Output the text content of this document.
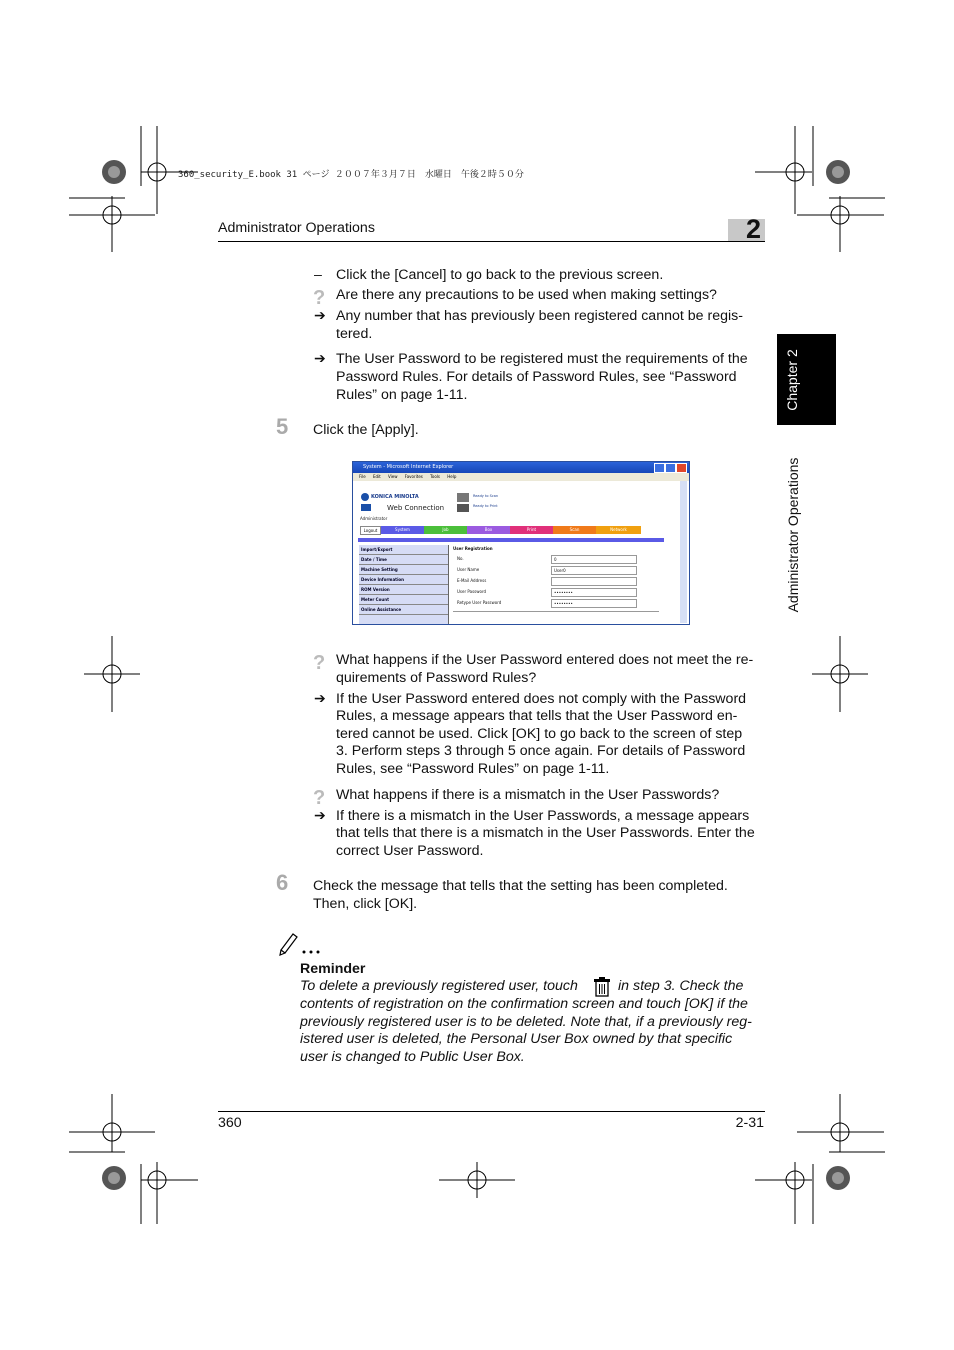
360_security_E.book 31 ページ ２００７年３月７日　水曜日　午後２時５０分
Administrator Operations	2
Chapter 2
Administrator Operations
– Click the [Cancel] to go back to the previous screen.
? Are there any precautions to be used when making settings?
➔ Any number that has previously been registered cannot be regis-
tered.
➔ The User Password to be registered must the requirements of the
Password Rules. For details of Password Rules, see “Password
Rules” on page 1-11.
5 Click the [Apply].
System - Microsoft Internet Explorer
File Edit View Favorites Tools Help
KONICA MINOLTA
Web Connection
Ready to Scan
Ready to Print
Administrator
Logout	System	Job	Box	Print	Scan	Network
Import/Export
Date / Time
Machine Setting
Device Information
ROM Version
Meter Count
Online Assistance
User Registration
No.	0
User Name	User0
E-Mail Address
User Password	••••••••
Retype User Password	••••••••
? What happens if the User Password entered does not meet the re-
quirements of Password Rules?
➔ If the User Password entered does not comply with the Password
Rules, a message appears that tells that the User Password en-
tered cannot be used. Click [OK] to go back to the screen of step
3. Perform steps 3 through 5 once again. For details of Password
Rules, see “Password Rules” on page 1-11.
? What happens if there is a mismatch in the User Passwords?
➔ If there is a mismatch in the User Passwords, a message appears
that tells that there is a mismatch in the User Passwords. Enter the
correct User Password.
6 Check the message that tells that the setting has been completed.
Then, click [OK].
Reminder
To delete a previously registered user, touch	in step 3. Check the
contents of registration on the confirmation screen and touch [OK] if the
previously registered user is to be deleted. Note that, if a previously reg-
istered user is deleted, the Personal User Box owned by that specific
user is changed to Public User Box.
360	2-31
